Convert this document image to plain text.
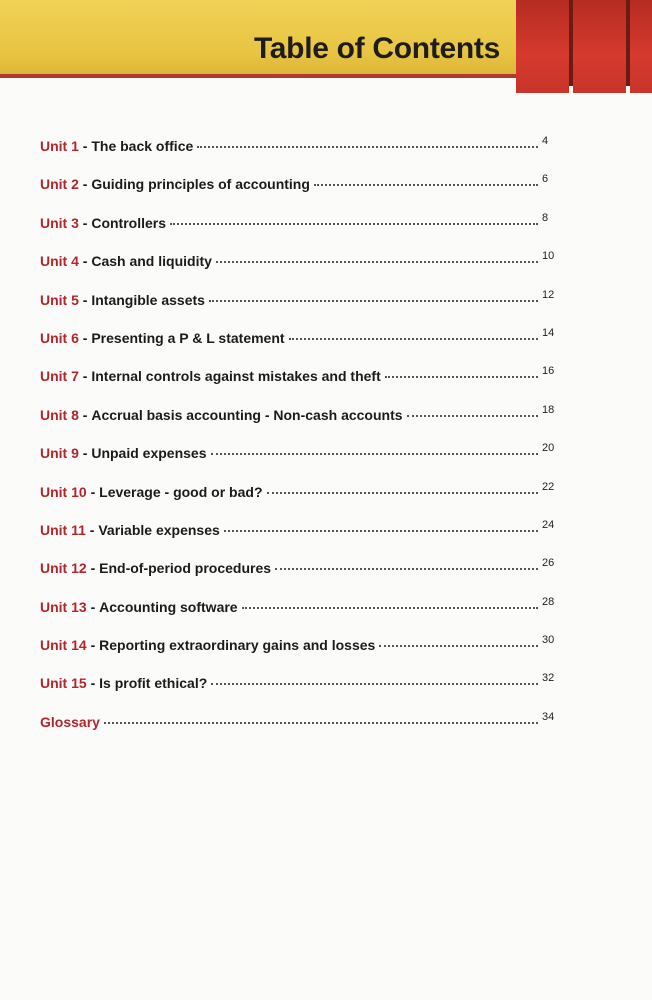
Table of Contents
Unit 1 - The back office	4
Unit 2 - Guiding principles of accounting	6
Unit 3 - Controllers	8
Unit 4 - Cash and liquidity	10
Unit 5 - Intangible assets	12
Unit 6 - Presenting a P & L statement	14
Unit 7 - Internal controls against mistakes and theft	16
Unit 8 - Accrual basis accounting - Non-cash accounts	18
Unit 9 - Unpaid expenses	20
Unit 10 - Leverage - good or bad?	22
Unit 11 - Variable expenses	24
Unit 12 - End-of-period procedures	26
Unit 13 - Accounting software	28
Unit 14 - Reporting extraordinary gains and losses	30
Unit 15 - Is profit ethical?	32
Glossary	34
